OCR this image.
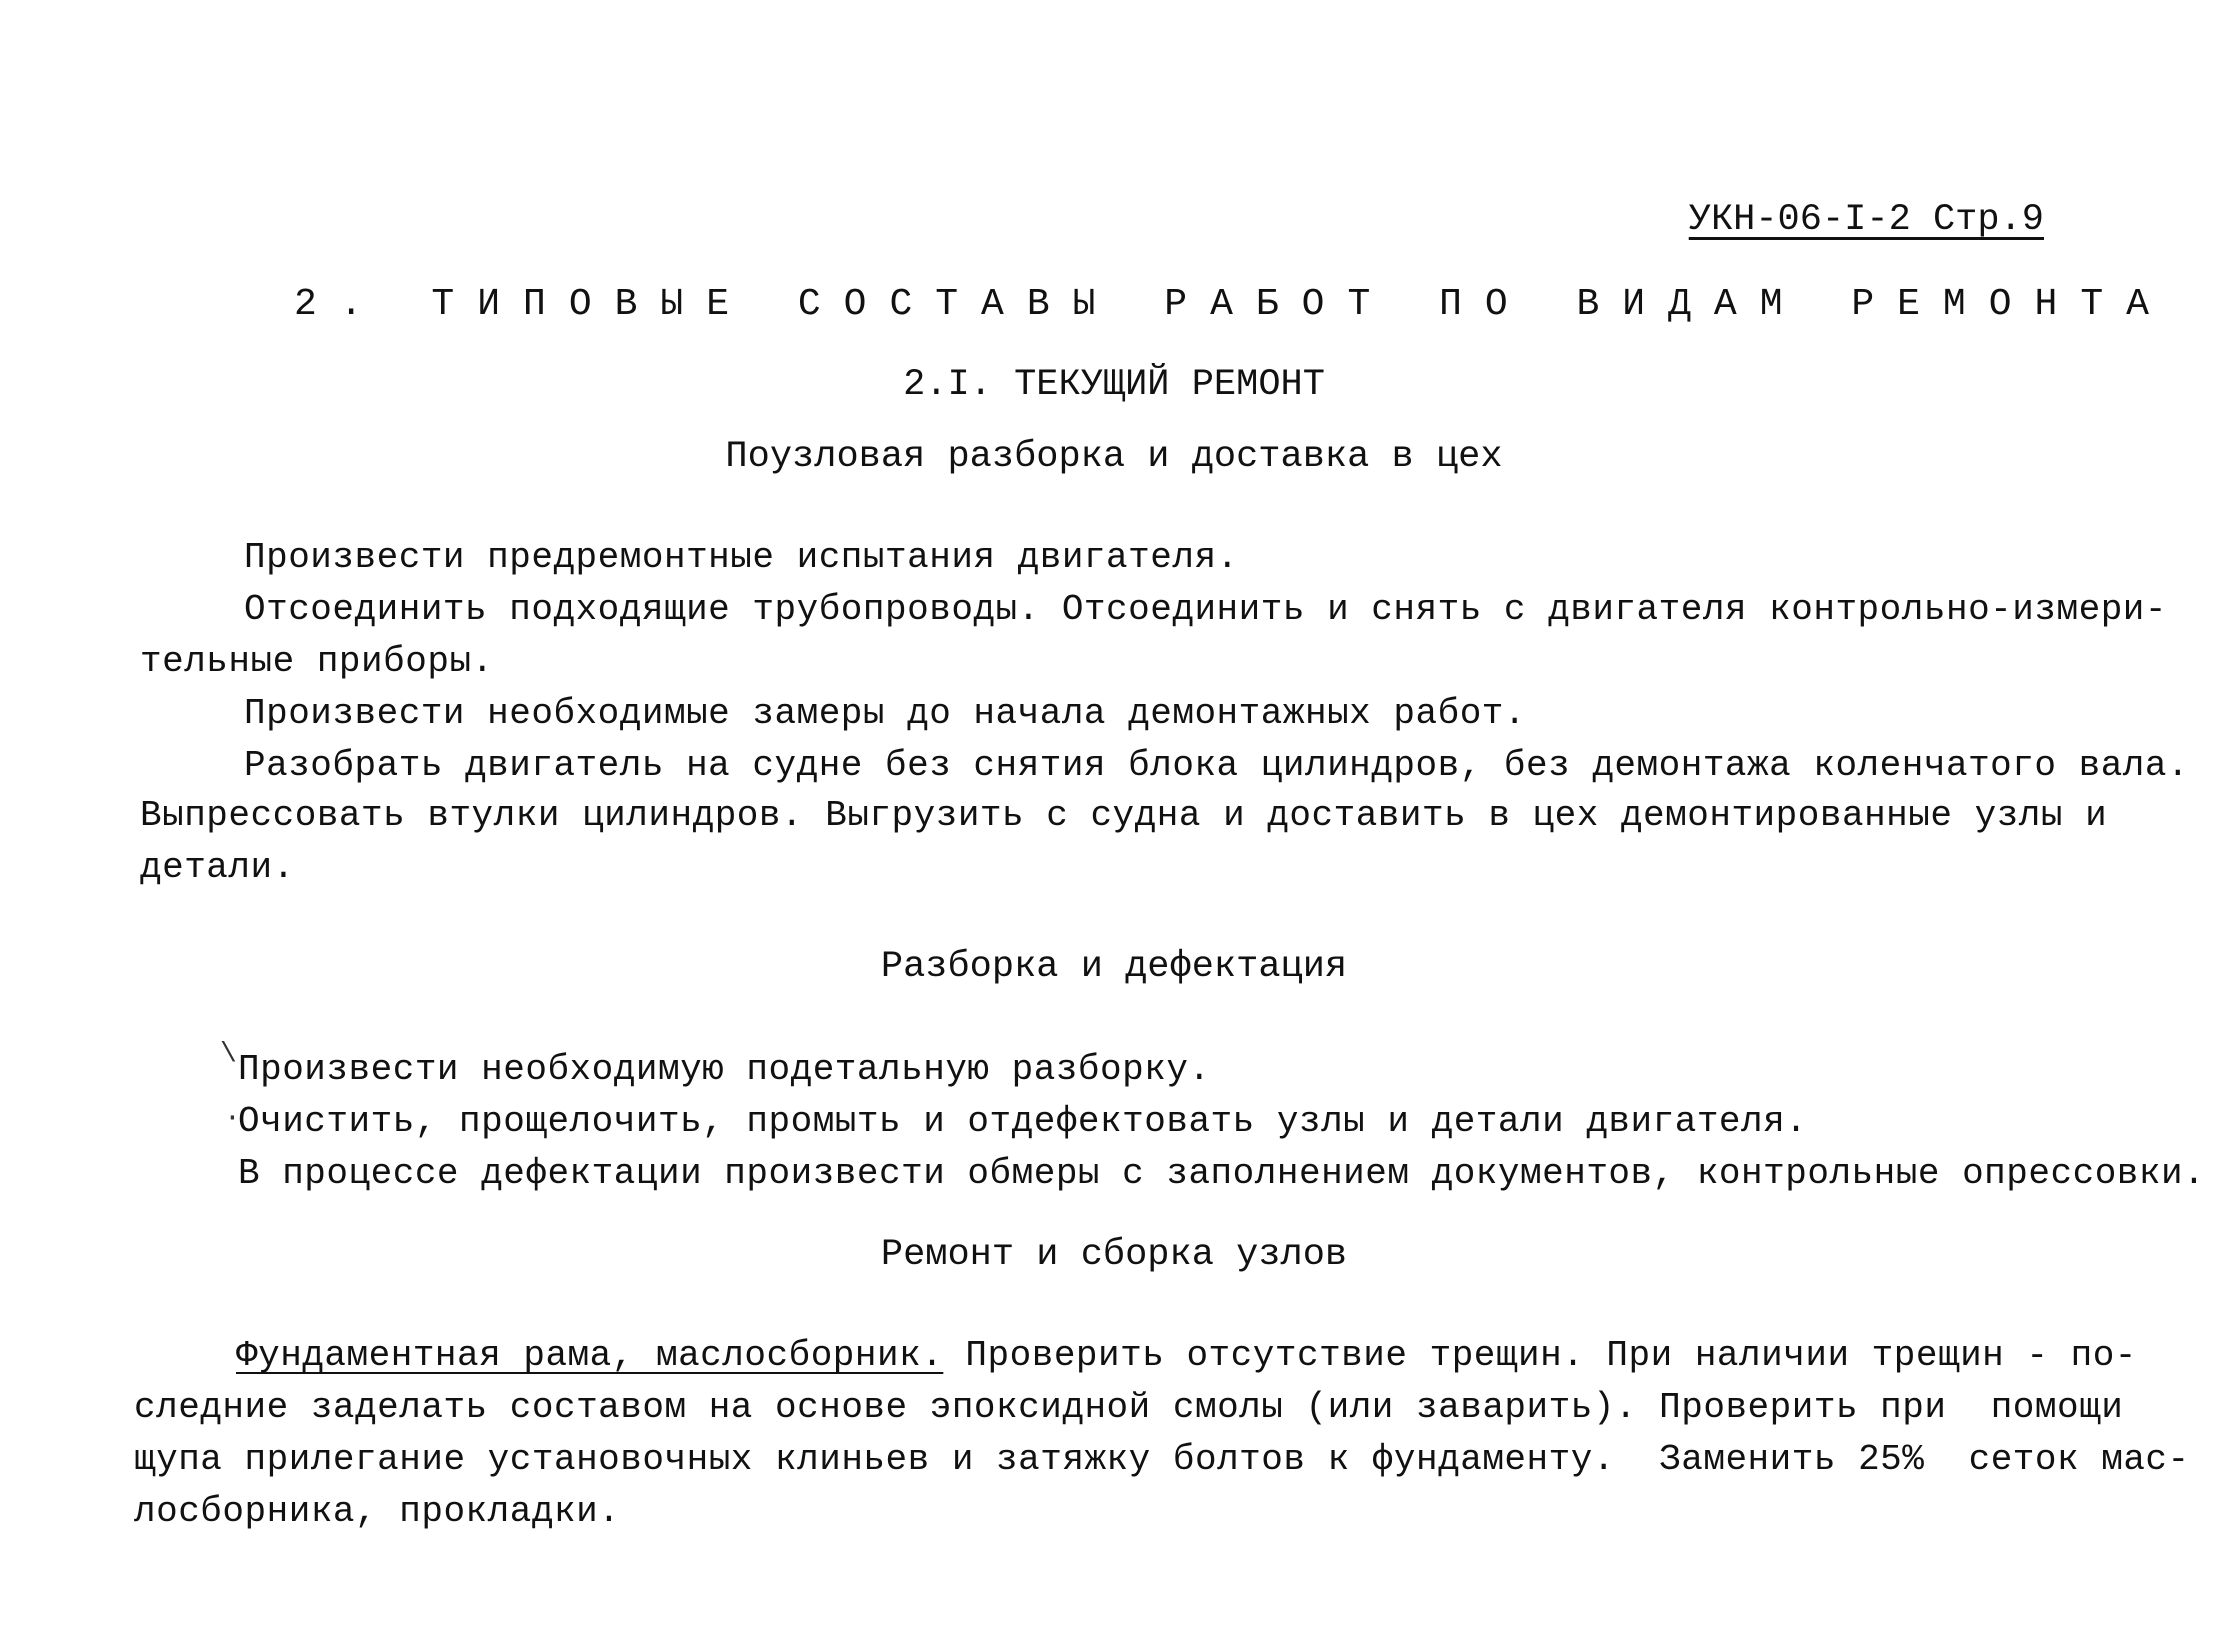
УКН-06-I-2 Стр.9
2. ТИПОВЫЕ СОСТАВЫ РАБОТ ПО ВИДАМ РЕМОНТА
2.I. ТЕКУЩИЙ РЕМОНТ
Поузловая разборка и доставка в цех
Произвести предремонтные испытания двигателя.
Отсоединить подходящие трубопроводы. Отсоединить и снять с двигателя контрольно-измери-
тельные приборы.
Произвести необходимые замеры до начала демонтажных работ.
Разобрать двигатель на судне без снятия блока цилиндров, без демонтажа коленчатого вала.
Выпрессовать втулки цилиндров. Выгрузить с судна и доставить в цех демонтированные узлы и
детали.
Разборка и дефектация
\
·
Произвести необходимую подетальную разборку.
Очистить, прощелочить, промыть и отдефектовать узлы и детали двигателя.
В процессе дефектации произвести обмеры с заполнением документов, контрольные опрессовки.
Ремонт и сборка узлов
Фундаментная рама, маслосборник. Проверить отсутствие трещин. При наличии трещин - по-
следние заделать составом на основе эпоксидной смолы (или заварить). Проверить при  помощи
щупа прилегание установочных клиньев и затяжку болтов к фундаменту.  Заменить 25%  сеток мас-
лосборника, прокладки.
